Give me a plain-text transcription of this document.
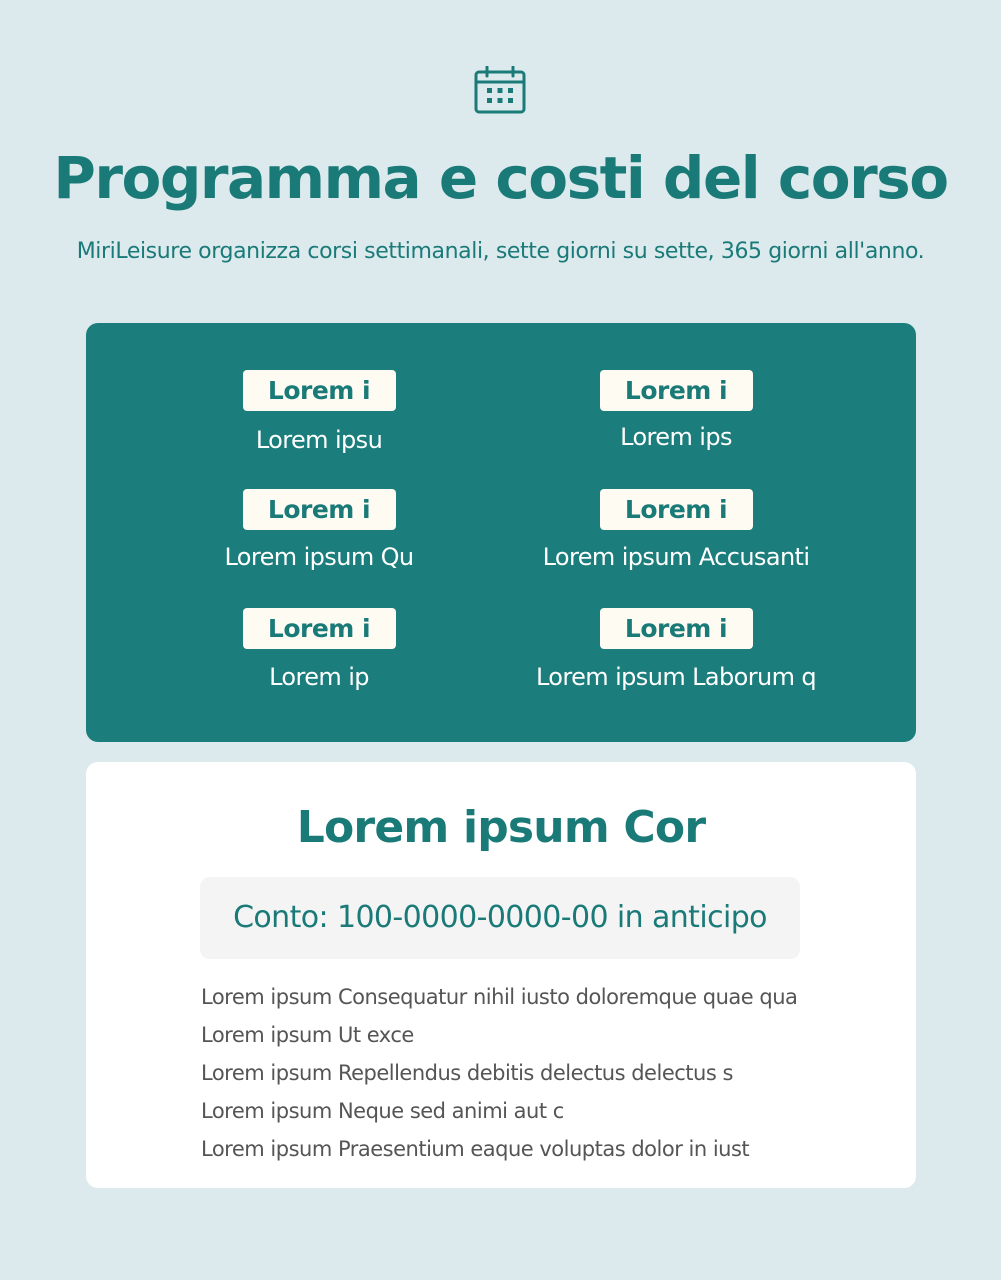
Programma e costi del corso

MiriLeisure organizza corsi settimanali, sette giorni su sette, 365 giorni all'anno.

Lorem i
Lorem ipsu
Lorem i
Lorem ips
Lorem i
Lorem ipsum Qu
Lorem i
Lorem ipsum Accusanti
Lorem i
Lorem ip
Lorem i
Lorem ipsum Laborum q
Lorem ipsum Cor
Conto: 100-0000-0000-00 in anticipo
Lorem ipsum Consequatur nihil iusto doloremque quae qua
Lorem ipsum Ut exce
Lorem ipsum Repellendus debitis delectus delectus s
Lorem ipsum Neque sed animi aut c
Lorem ipsum Praesentium eaque voluptas dolor in iust
